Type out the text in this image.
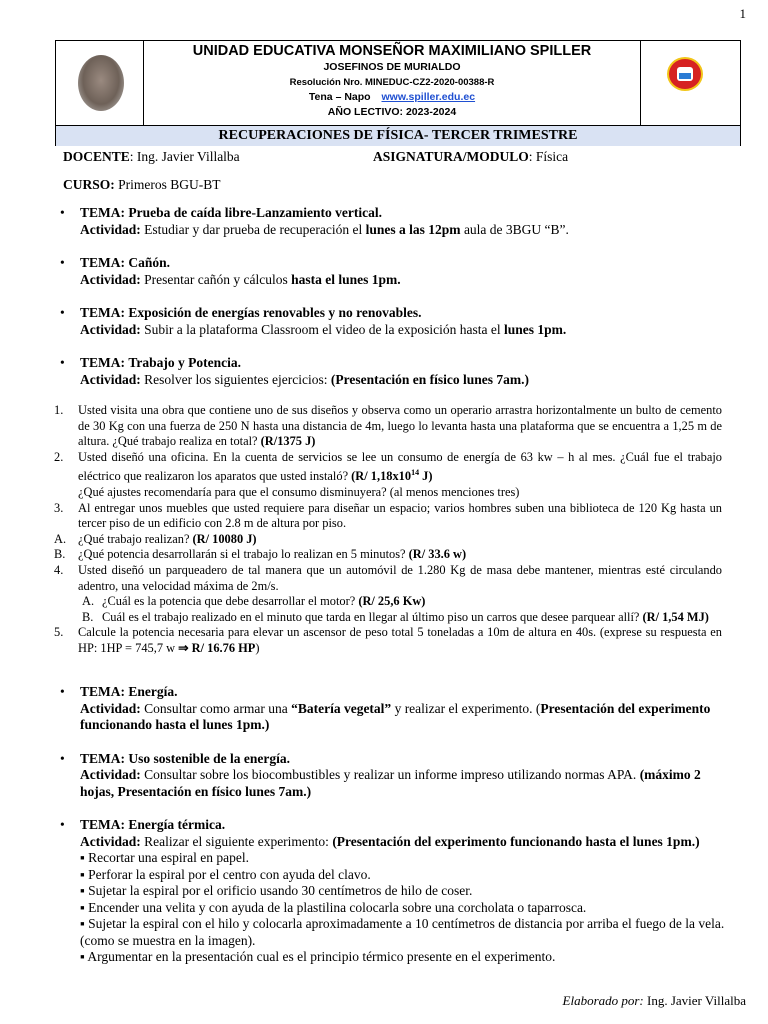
1
UNIDAD EDUCATIVA MONSEÑOR MAXIMILIANO SPILLER
JOSEFINOS DE MURIALDO
Resolución Nro. MINEDUC-CZ2-2020-00388-R
Tena – Napo www.spiller.edu.ec
AÑO LECTIVO: 2023-2024
RECUPERACIONES DE FÍSICA- TERCER TRIMESTRE
DOCENTE: Ing. Javier Villalba	ASIGNATURA/MODULO: Física
CURSO: Primeros BGU-BT
• TEMA: Prueba de caída libre-Lanzamiento vertical.
Actividad: Estudiar y dar prueba de recuperación el lunes a las 12pm aula de 3BGU “B”.
• TEMA: Cañón.
Actividad: Presentar cañón y cálculos hasta el lunes 1pm.
• TEMA: Exposición de energías renovables y no renovables.
Actividad: Subir a la plataforma Classroom el video de la exposición hasta el lunes 1pm.
• TEMA: Trabajo y Potencia.
Actividad: Resolver los siguientes ejercicios: (Presentación en físico lunes 7am.)
1. Usted visita una obra que contiene uno de sus diseños y observa como un operario arrastra horizontalmente un bulto de cemento de 30 Kg con una fuerza de 250 N hasta una distancia de 4m, luego lo levanta hasta una plataforma que se encuentra a 1,25 m de altura. ¿Qué trabajo realiza en total? (R/1375 J)
2. Usted diseñó una oficina. En la cuenta de servicios se lee un consumo de energía de 63 kw – h al mes. ¿Cuál fue el trabajo eléctrico que realizaron los aparatos que usted instaló? (R/ $1,18x10^{14}$ J)
¿Qué ajustes recomendaría para que el consumo disminuyera? (al menos menciones tres)
3. Al entregar unos muebles que usted requiere para diseñar un espacio; varios hombres suben una biblioteca de 120 Kg hasta un tercer piso de un edificio con 2.8 m de altura por piso.
A. ¿Qué trabajo realizan? (R/ 10080 J)
B. ¿Qué potencia desarrollarán si el trabajo lo realizan en 5 minutos? (R/ 33.6 w)
4. Usted diseñó un parqueadero de tal manera que un automóvil de 1.280 Kg de masa debe mantener, mientras esté circulando adentro, una velocidad máxima de 2m/s.
A. ¿Cuál es la potencia que debe desarrollar el motor? (R/ 25,6 Kw)
B. Cuál es el trabajo realizado en el minuto que tarda en llegar al último piso un carros que desee parquear allí? (R/ 1,54 MJ)
5. Calcule la potencia necesaria para elevar un ascensor de peso total 5 toneladas a 10m de altura en 40s. (exprese su respuesta en HP: 1HP = 745,7 w ⇒ R/ 16.76 HP)
• TEMA: Energía.
Actividad: Consultar como armar una “Batería vegetal” y realizar el experimento. (Presentación del experimento funcionando hasta el lunes 1pm.)
• TEMA: Uso sostenible de la energía.
Actividad: Consultar sobre los biocombustibles y realizar un informe impreso utilizando normas APA. (máximo 2 hojas, Presentación en físico lunes 7am.)
• TEMA: Energía térmica.
Actividad: Realizar el siguiente experimento: (Presentación del experimento funcionando hasta el lunes 1pm.)
▪ Recortar una espiral en papel.
▪ Perforar la espiral por el centro con ayuda del clavo.
▪ Sujetar la espiral por el orificio usando 30 centímetros de hilo de coser.
▪ Encender una velita y con ayuda de la plastilina colocarla sobre una corcholata o taparrosca.
▪ Sujetar la espiral con el hilo y colocarla aproximadamente a 10 centímetros de distancia por arriba el fuego de la vela. (como se muestra en la imagen).
▪ Argumentar en la presentación cual es el principio térmico presente en el experimento.
Elaborado por: Ing. Javier Villalba
